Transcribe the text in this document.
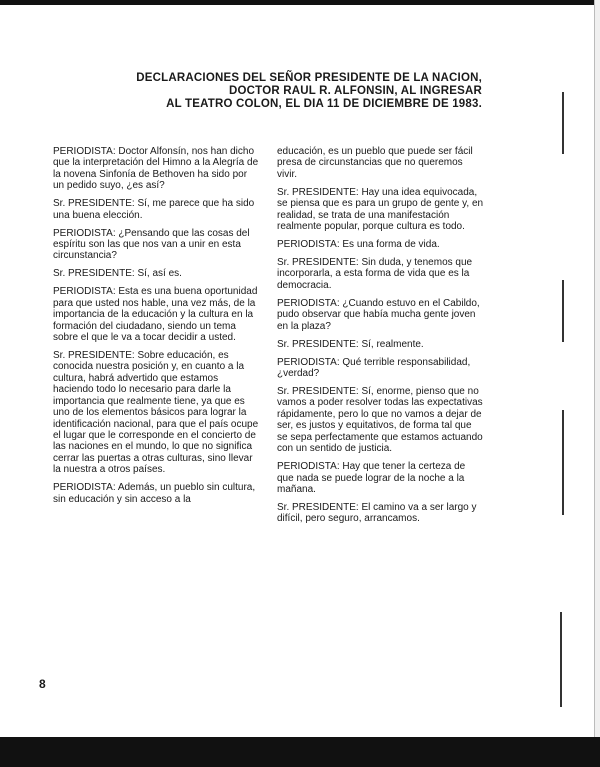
DECLARACIONES DEL SEÑOR PRESIDENTE DE LA NACION,
DOCTOR RAUL R. ALFONSIN, AL INGRESAR
AL TEATRO COLON, EL DIA 11 DE DICIEMBRE DE 1983.

PERIODISTA: Doctor Alfonsín, nos han dicho que la interpretación del Himno a la Alegría de la novena Sinfonía de Bethoven ha sido por un pedido suyo, ¿es así?

Sr. PRESIDENTE: Sí, me parece que ha sido una buena elección.

PERIODISTA: ¿Pensando que las cosas del espíritu son las que nos van a unir en esta circunstancia?

Sr. PRESIDENTE: Sí, así es.

PERIODISTA: Esta es una buena oportunidad para que usted nos hable, una vez más, de la importancia de la educación y la cultura en la formación del ciudadano, siendo un tema sobre el que le va a tocar decidir a usted.

Sr. PRESIDENTE: Sobre educación, es conocida nuestra posición y, en cuanto a la cultura, habrá advertido que estamos haciendo todo lo necesario para darle la importancia que realmente tiene, ya que es uno de los elementos básicos para lograr la identificación nacional, para que el país ocupe el lugar que le corresponde en el concierto de las naciones en el mundo, lo que no significa cerrar las puertas a otras culturas, sino llevar la nuestra a otros países.

PERIODISTA: Además, un pueblo sin cultura, sin educación y sin acceso a la

educación, es un pueblo que puede ser fácil presa de circunstancias que no queremos vivir.

Sr. PRESIDENTE: Hay una idea equivocada, se piensa que es para un grupo de gente y, en realidad, se trata de una manifestación realmente popular, porque cultura es todo.

PERIODISTA: Es una forma de vida.

Sr. PRESIDENTE: Sin duda, y tenemos que incorporarla, a esta forma de vida que es la democracia.

PERIODISTA: ¿Cuando estuvo en el Cabildo, pudo observar que había mucha gente joven en la plaza?

Sr. PRESIDENTE: Sí, realmente.

PERIODISTA: Qué terrible responsabilidad, ¿verdad?

Sr. PRESIDENTE: Sí, enorme, pienso que no vamos a poder resolver todas las expectativas rápidamente, pero lo que no vamos a dejar de ser, es justos y equitativos, de forma tal que se sepa perfectamente que estamos actuando con un sentido de justicia.

PERIODISTA: Hay que tener la certeza de que nada se puede lograr de la noche a la mañana.

Sr. PRESIDENTE: El camino va a ser largo y difícil, pero seguro, arrancamos.

8
